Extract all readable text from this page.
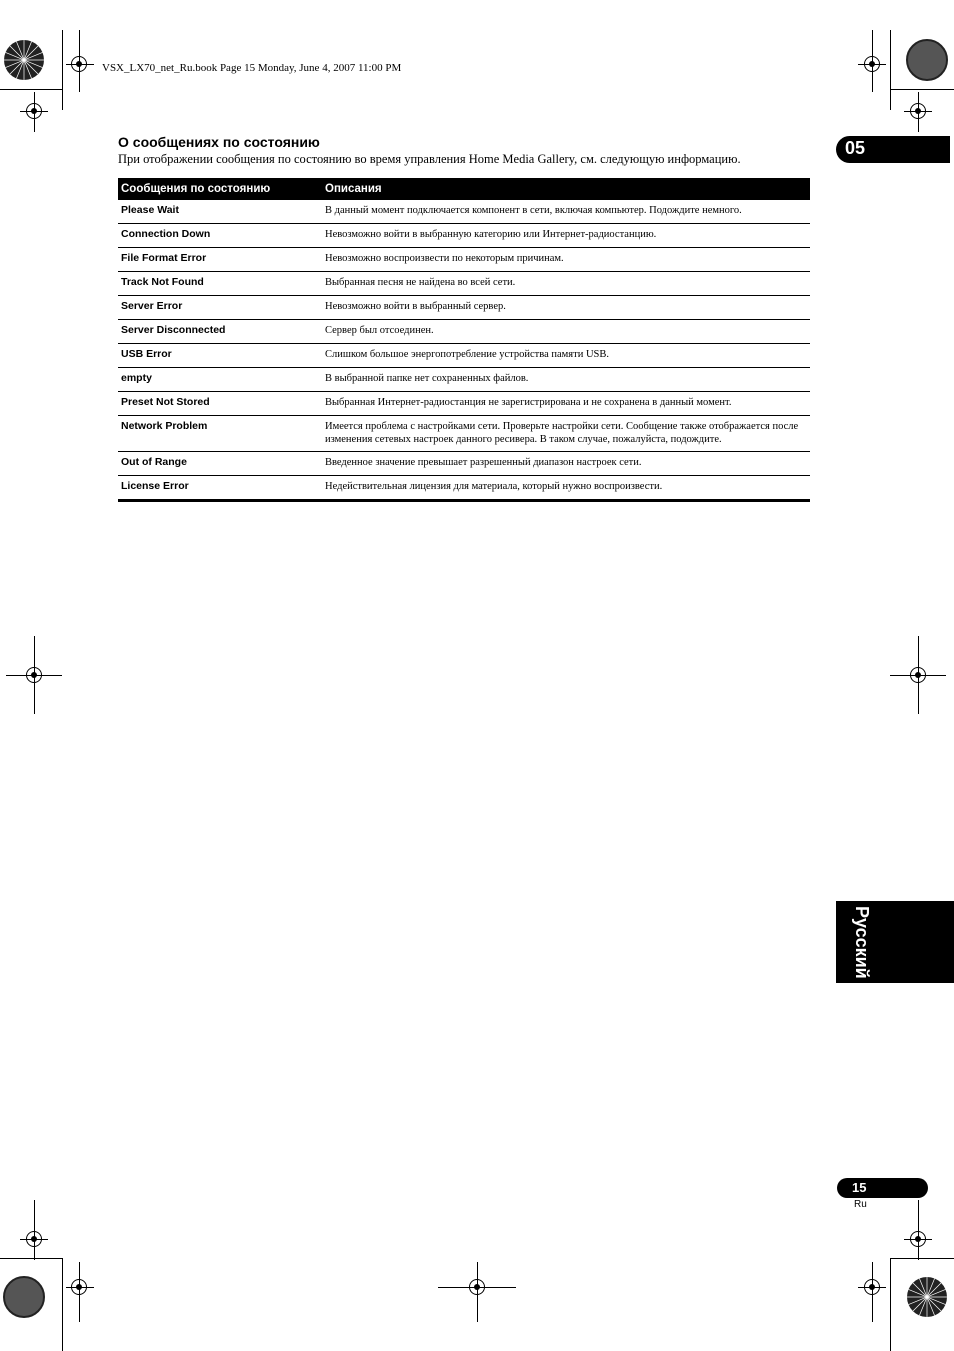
VSX_LX70_net_Ru.book Page 15 Monday, June 4, 2007 11:00 PM
05
О сообщениях по состоянию
При отображении сообщения по состоянию во время управления Home Media Gallery, см. следующую информацию.
Сообщения по состоянию	Описания
Please Wait	В данный момент подключается компонент в сети, включая компьютер. Подождите немного.
Connection Down	Невозможно войти в выбранную категорию или Интернет-радиостанцию.
File Format Error	Невозможно воспроизвести по некоторым причинам.
Track Not Found	Выбранная песня не найдена во всей сети.
Server Error	Невозможно войти в выбранный сервер.
Server Disconnected	Сервер был отсоединен.
USB Error	Слишком большое энергопотребление устройства памяти USB.
empty	В выбранной папке нет сохраненных файлов.
Preset Not Stored	Выбранная Интернет-радиостанция не зарегистрирована и не сохранена в данный момент.
Network Problem	Имеется проблема с настройками сети. Проверьте настройки сети. Сообщение также отображается после изменения сетевых настроек данного ресивера. В таком случае, пожалуйста, подождите.
Out of Range	Введенное значение превышает разрешенный диапазон настроек сети.
License Error	Недействительная лицензия для материала, который нужно воспроизвести.
Русский
15
Ru
